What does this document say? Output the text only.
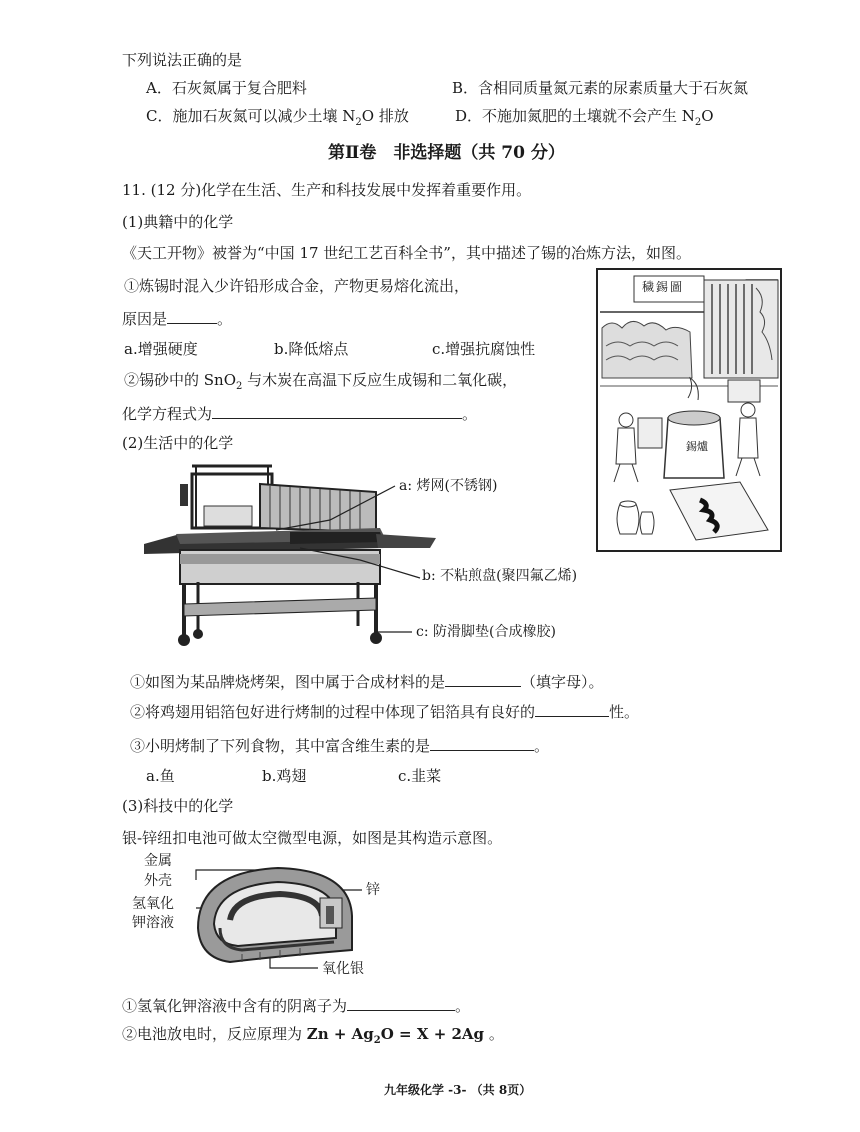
下列说法正确的是
A．石灰氮属于复合肥料	B．含相同质量氮元素的尿素质量大于石灰氮
C．施加石灰氮可以减少土壤 $N_2O$ 排放	D．不施加氮肥的土壤就不会产生 $N_2O$
第Ⅱ卷　非选择题（共 70 分）
11. (12 分)化学在生活、生产和科技发展中发挥着重要作用。
(1)典籍中的化学
《天工开物》被誉为“中国 17 世纪工艺百科全书”，其中描述了锡的冶炼方法，如图。
①炼锡时混入少许铅形成合金，产物更易熔化流出，
原因是	。
a.增强硬度	b.降低熔点	c.增强抗腐蚀性
②锡砂中的 SnO$_2$ 与木炭在高温下反应生成锡和二氧化碳，
化学方程式为	。
穢錫圖
錫爐
(2)生活中的化学
a: 烤网(不锈钢)
b: 不粘煎盘(聚四氟乙烯)
c: 防滑脚垫(合成橡胶)
①如图为某品牌烧烤架，图中属于合成材料的是	（填字母）。
②将鸡翅用铝箔包好进行烤制的过程中体现了铝箔具有良好的	性。
③小明烤制了下列食物，其中富含维生素的是	。
a.鱼	b.鸡翅	c.韭菜
(3)科技中的化学
银-锌纽扣电池可做太空微型电源，如图是其构造示意图。
金属
外壳
氢氧化
钾溶液
锌
氧化银
①氢氧化钾溶液中含有的阴离子为	。
②电池放电时，反应原理为 $Zn + Ag_2O = X + 2Ag$ 。
九年级化学 -3- （共 8页）
